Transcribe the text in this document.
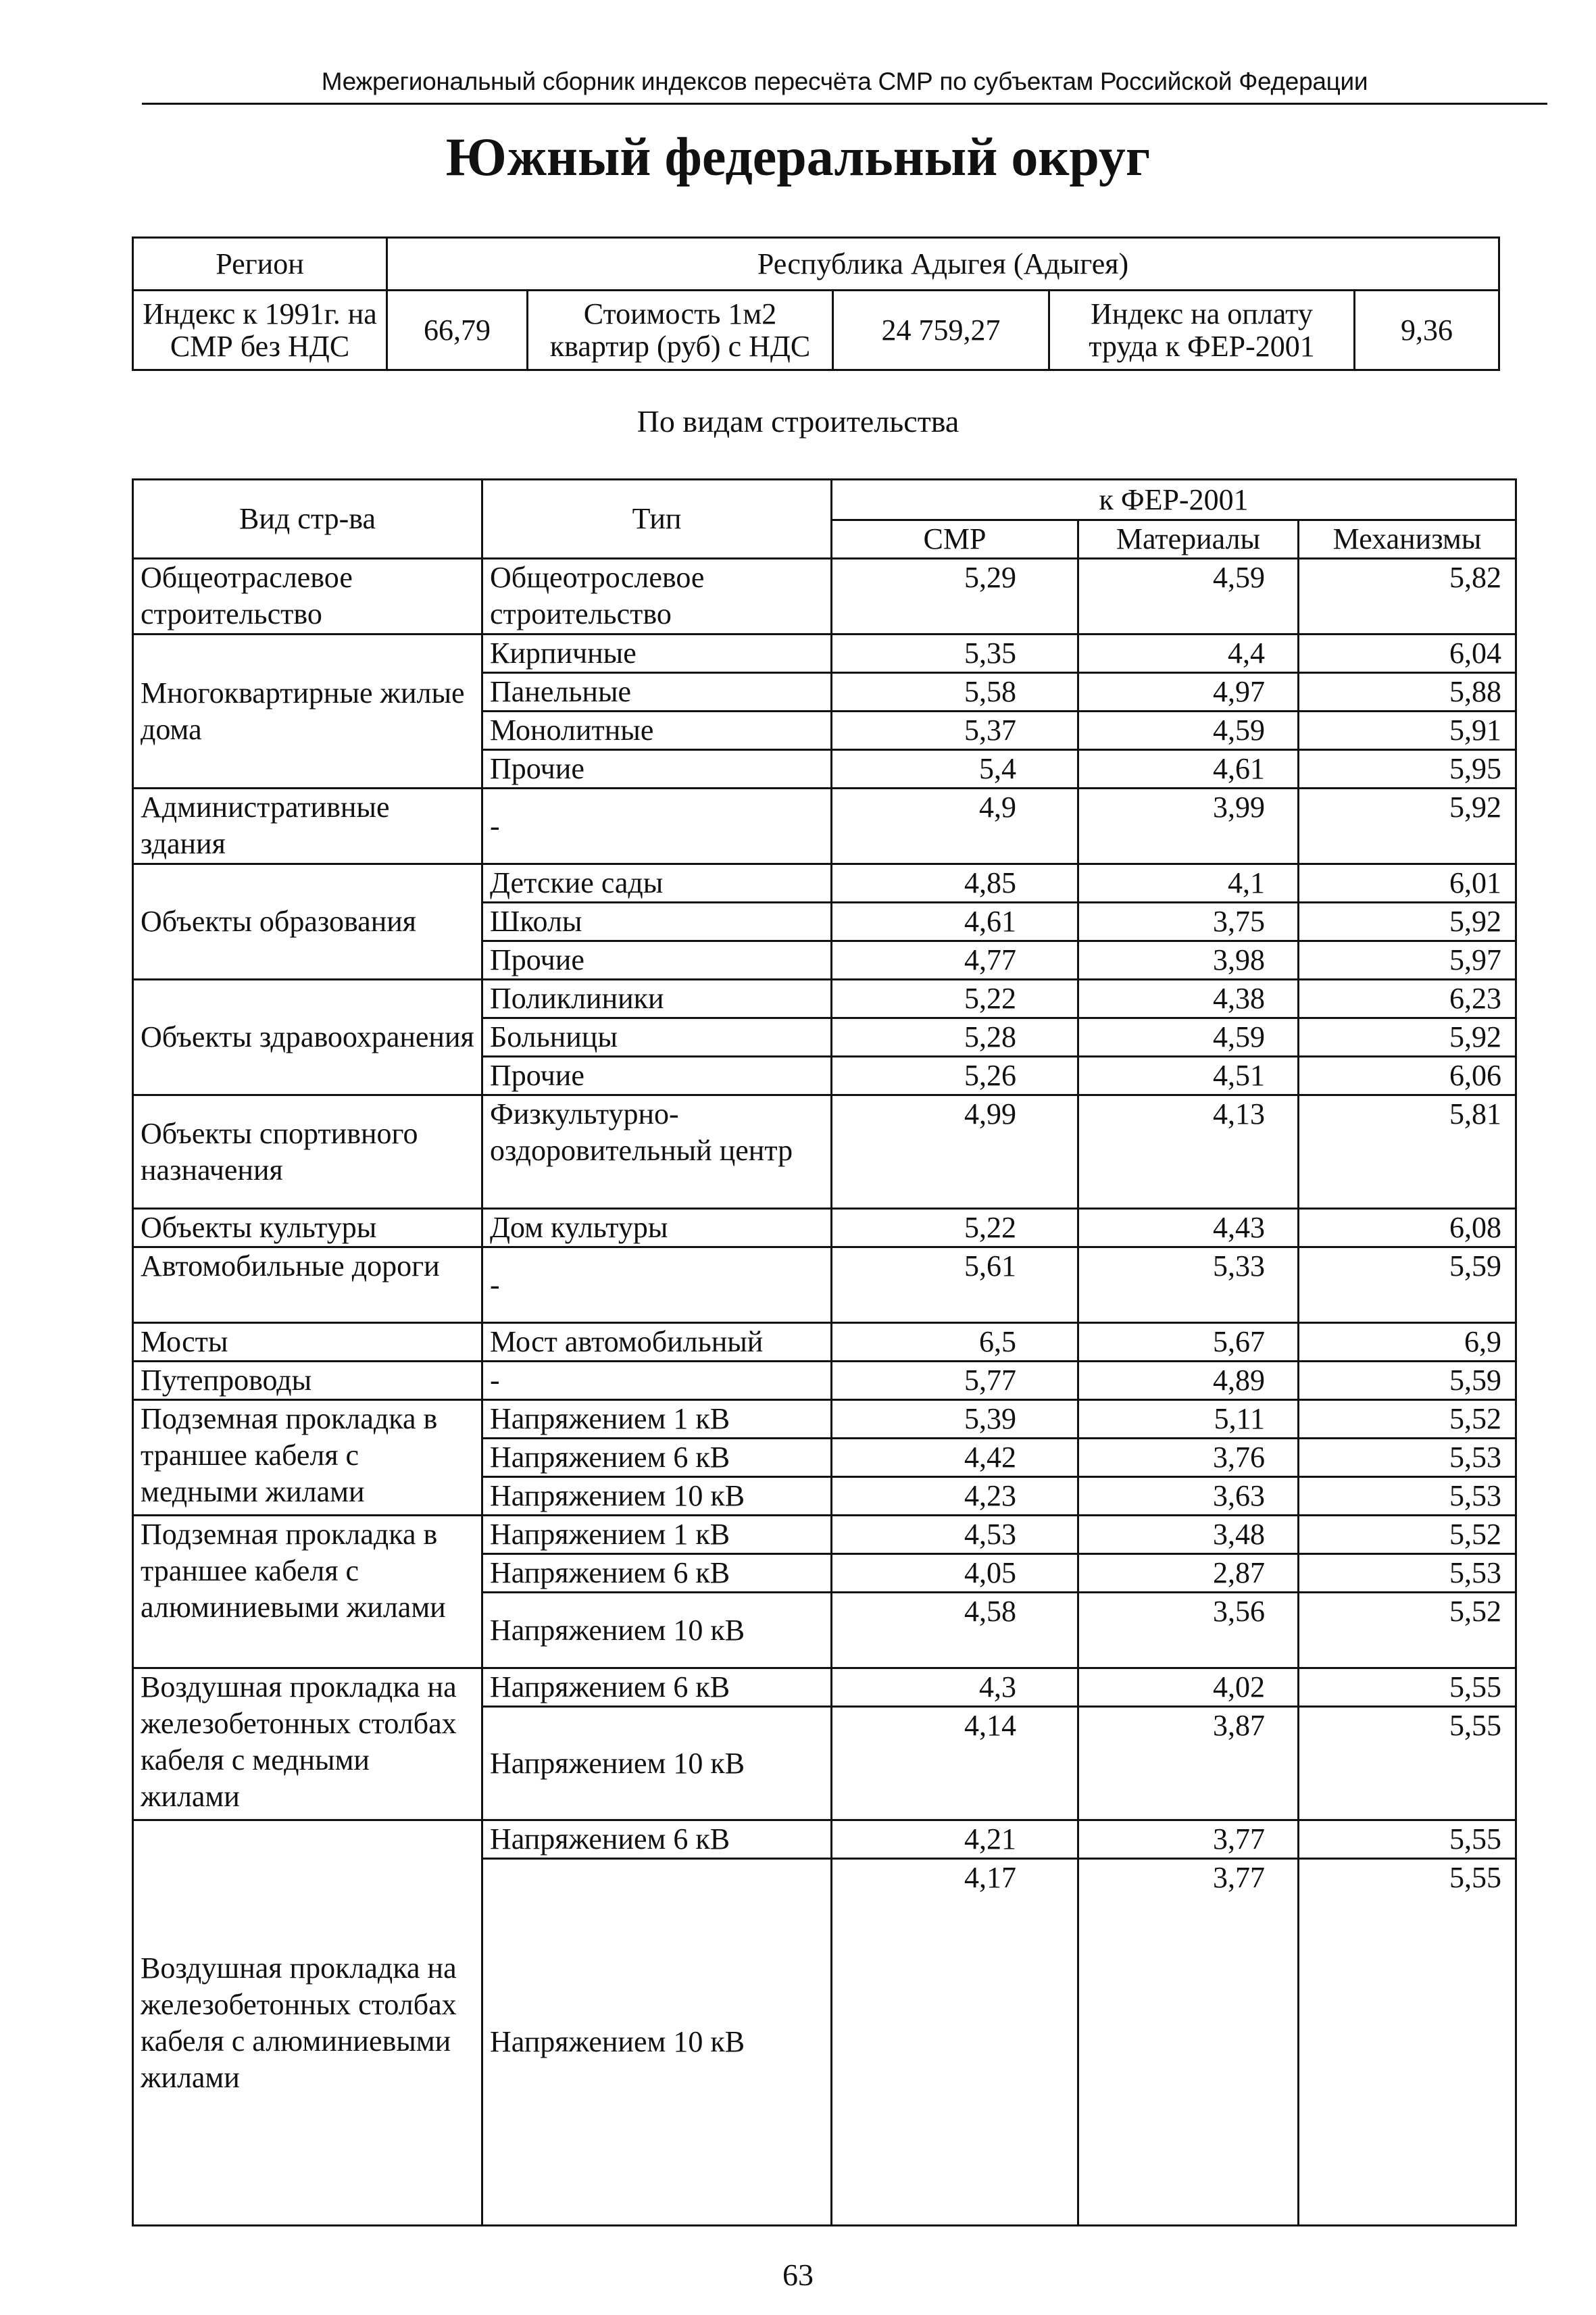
Межрегиональный сборник индексов пересчёта СМР по субъектам Российской Федерации
Южный федеральный округ
Регион	Республика Адыгея (Адыгея)				
Индекс к 1991г. на СМР без НДС	66,79	Стоимость 1м2 квартир (руб) с НДС	24 759,27	Индекс на оплату труда к ФЕР-2001	9,36
По видам строительства
Вид стр-ва	Тип	к ФЕР-2001		
		СМР	Материалы	Механизмы
Общеотраслевое строительство	Общеотрослевое строительство	5,29	4,59	5,82
Многоквартирные жилые дома	Кирпичные	5,35	4,4	6,04
	Панельные	5,58	4,97	5,88
	Монолитные	5,37	4,59	5,91
	Прочие	5,4	4,61	5,95
Административные здания	-	4,9	3,99	5,92
Объекты образования	Детские сады	4,85	4,1	6,01
	Школы	4,61	3,75	5,92
	Прочие	4,77	3,98	5,97
Объекты здравоохранения	Поликлиники	5,22	4,38	6,23
	Больницы	5,28	4,59	5,92
	Прочие	5,26	4,51	6,06
Объекты спортивного назначения	Физкультурно-оздоровительный центр	4,99	4,13	5,81
Объекты культуры	Дом культуры	5,22	4,43	6,08
Автомобильные дороги	-	5,61	5,33	5,59
Мосты	Мост автомобильный	6,5	5,67	6,9
Путепроводы	-	5,77	4,89	5,59
Подземная прокладка в траншее кабеля с медными жилами	Напряжением 1 кВ	5,39	5,11	5,52
	Напряжением 6 кВ	4,42	3,76	5,53
	Напряжением 10 кВ	4,23	3,63	5,53
Подземная прокладка в траншее кабеля с алюминиевыми жилами	Напряжением 1 кВ	4,53	3,48	5,52
	Напряжением 6 кВ	4,05	2,87	5,53
	Напряжением 10 кВ	4,58	3,56	5,52
Воздушная прокладка на железобетонных столбах кабеля с медными жилами	Напряжением 6 кВ	4,3	4,02	5,55
	Напряжением 10 кВ	4,14	3,87	5,55
Воздушная прокладка на железобетонных столбах кабеля с алюминиевыми жилами	Напряжением 6 кВ	4,21	3,77	5,55
	Напряжением 10 кВ	4,17	3,77	5,55
63
